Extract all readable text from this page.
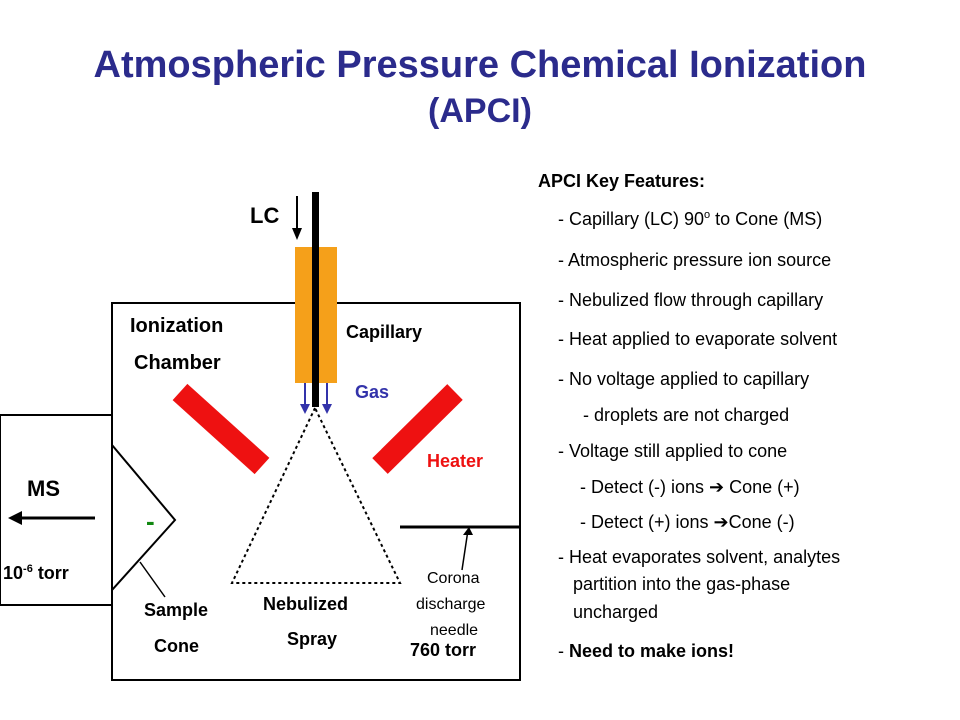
Atmospheric Pressure Chemical Ionization
(APCI)
LC
Ionization
Chamber
Capillary
Gas
Heater
MS
-
$10^{-6}$ torr
Sample
Cone
Nebulized
Spray
Corona
discharge
needle
760 torr
APCI Key Features:
- Capillary (LC) 90$^o$ to Cone (MS)
- Atmospheric pressure ion source
- Nebulized flow through capillary
- Heat applied to evaporate solvent
- No voltage applied to capillary
- droplets are not charged
- Voltage still applied to cone
- Detect (-) ions ➔ Cone (+)
- Detect (+) ions ➔Cone (-)
- Heat evaporates solvent, analytes
partition into the gas-phase
uncharged
- Need to make ions!
